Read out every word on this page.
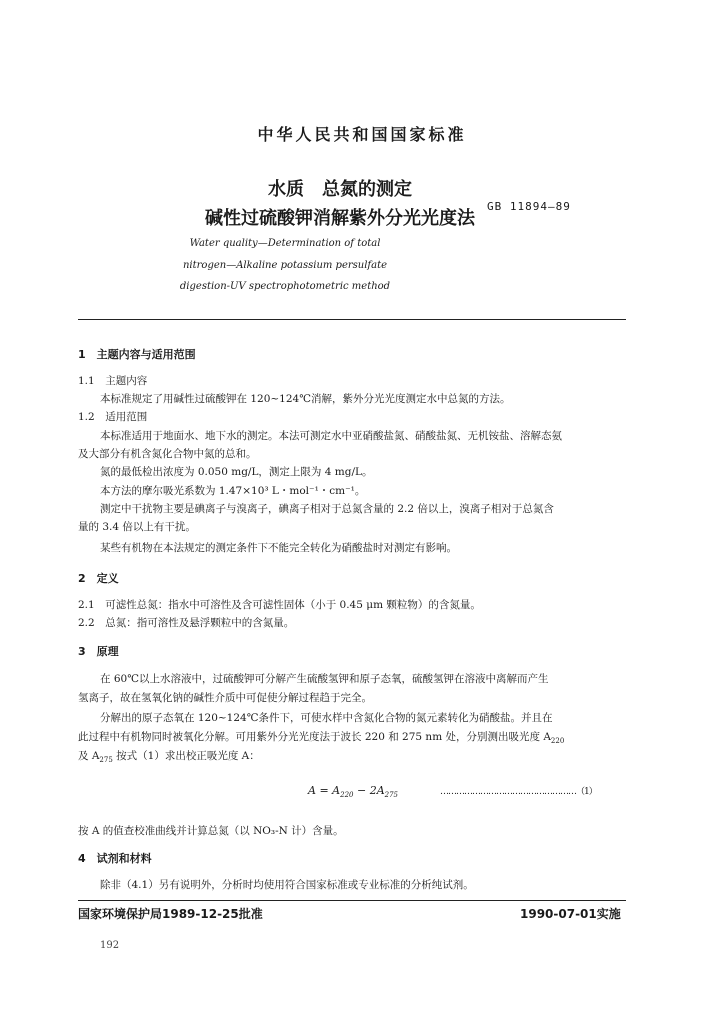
中华人民共和国国家标准
水质　总氮的测定
碱性过硫酸钾消解紫外分光光度法
GB 11894—89
Water quality—Determination of total
nitrogen—Alkaline potassium persulfate
digestion-UV spectrophotometric method
1　主题内容与适用范围
1.1　主题内容
本标准规定了用碱性过硫酸钾在 120~124℃消解，紫外分光光度测定水中总氮的方法。
1.2　适用范围
本标准适用于地面水、地下水的测定。本法可测定水中亚硝酸盐氮、硝酸盐氮、无机铵盐、溶解态氨
及大部分有机含氮化合物中氮的总和。
氮的最低检出浓度为 0.050 mg/L，测定上限为 4 mg/L。
本方法的摩尔吸光系数为 1.47×10³ L・mol⁻¹・cm⁻¹。
测定中干扰物主要是碘离子与溴离子，碘离子相对于总氮含量的 2.2 倍以上，溴离子相对于总氮含
量的 3.4 倍以上有干扰。
某些有机物在本法规定的测定条件下不能完全转化为硝酸盐时对测定有影响。
2　定义
2.1　可滤性总氮：指水中可溶性及含可滤性固体（小于 0.45 μm 颗粒物）的含氮量。
2.2　总氮：指可溶性及悬浮颗粒中的含氮量。
3　原理
在 60℃以上水溶液中，过硫酸钾可分解产生硫酸氢钾和原子态氧，硫酸氢钾在溶液中离解而产生
氢离子，故在氢氧化钠的碱性介质中可促使分解过程趋于完全。
分解出的原子态氧在 120~124℃条件下，可使水样中含氮化合物的氮元素转化为硝酸盐。并且在
此过程中有机物同时被氧化分解。可用紫外分光光度法于波长 220 和 275 nm 处，分别测出吸光度 $A_{220}$
及 $A_{275}$ 按式（1）求出校正吸光度 A：
$A = A_{220} - 2A_{275}$	……………………………………………（1）
按 A 的值查校准曲线并计算总氮（以 NO₃-N 计）含量。
4　试剂和材料
除非（4.1）另有说明外，分析时均使用符合国家标准或专业标准的分析纯试剂。
国家环境保护局1989-12-25批准	1990-07-01实施
192
